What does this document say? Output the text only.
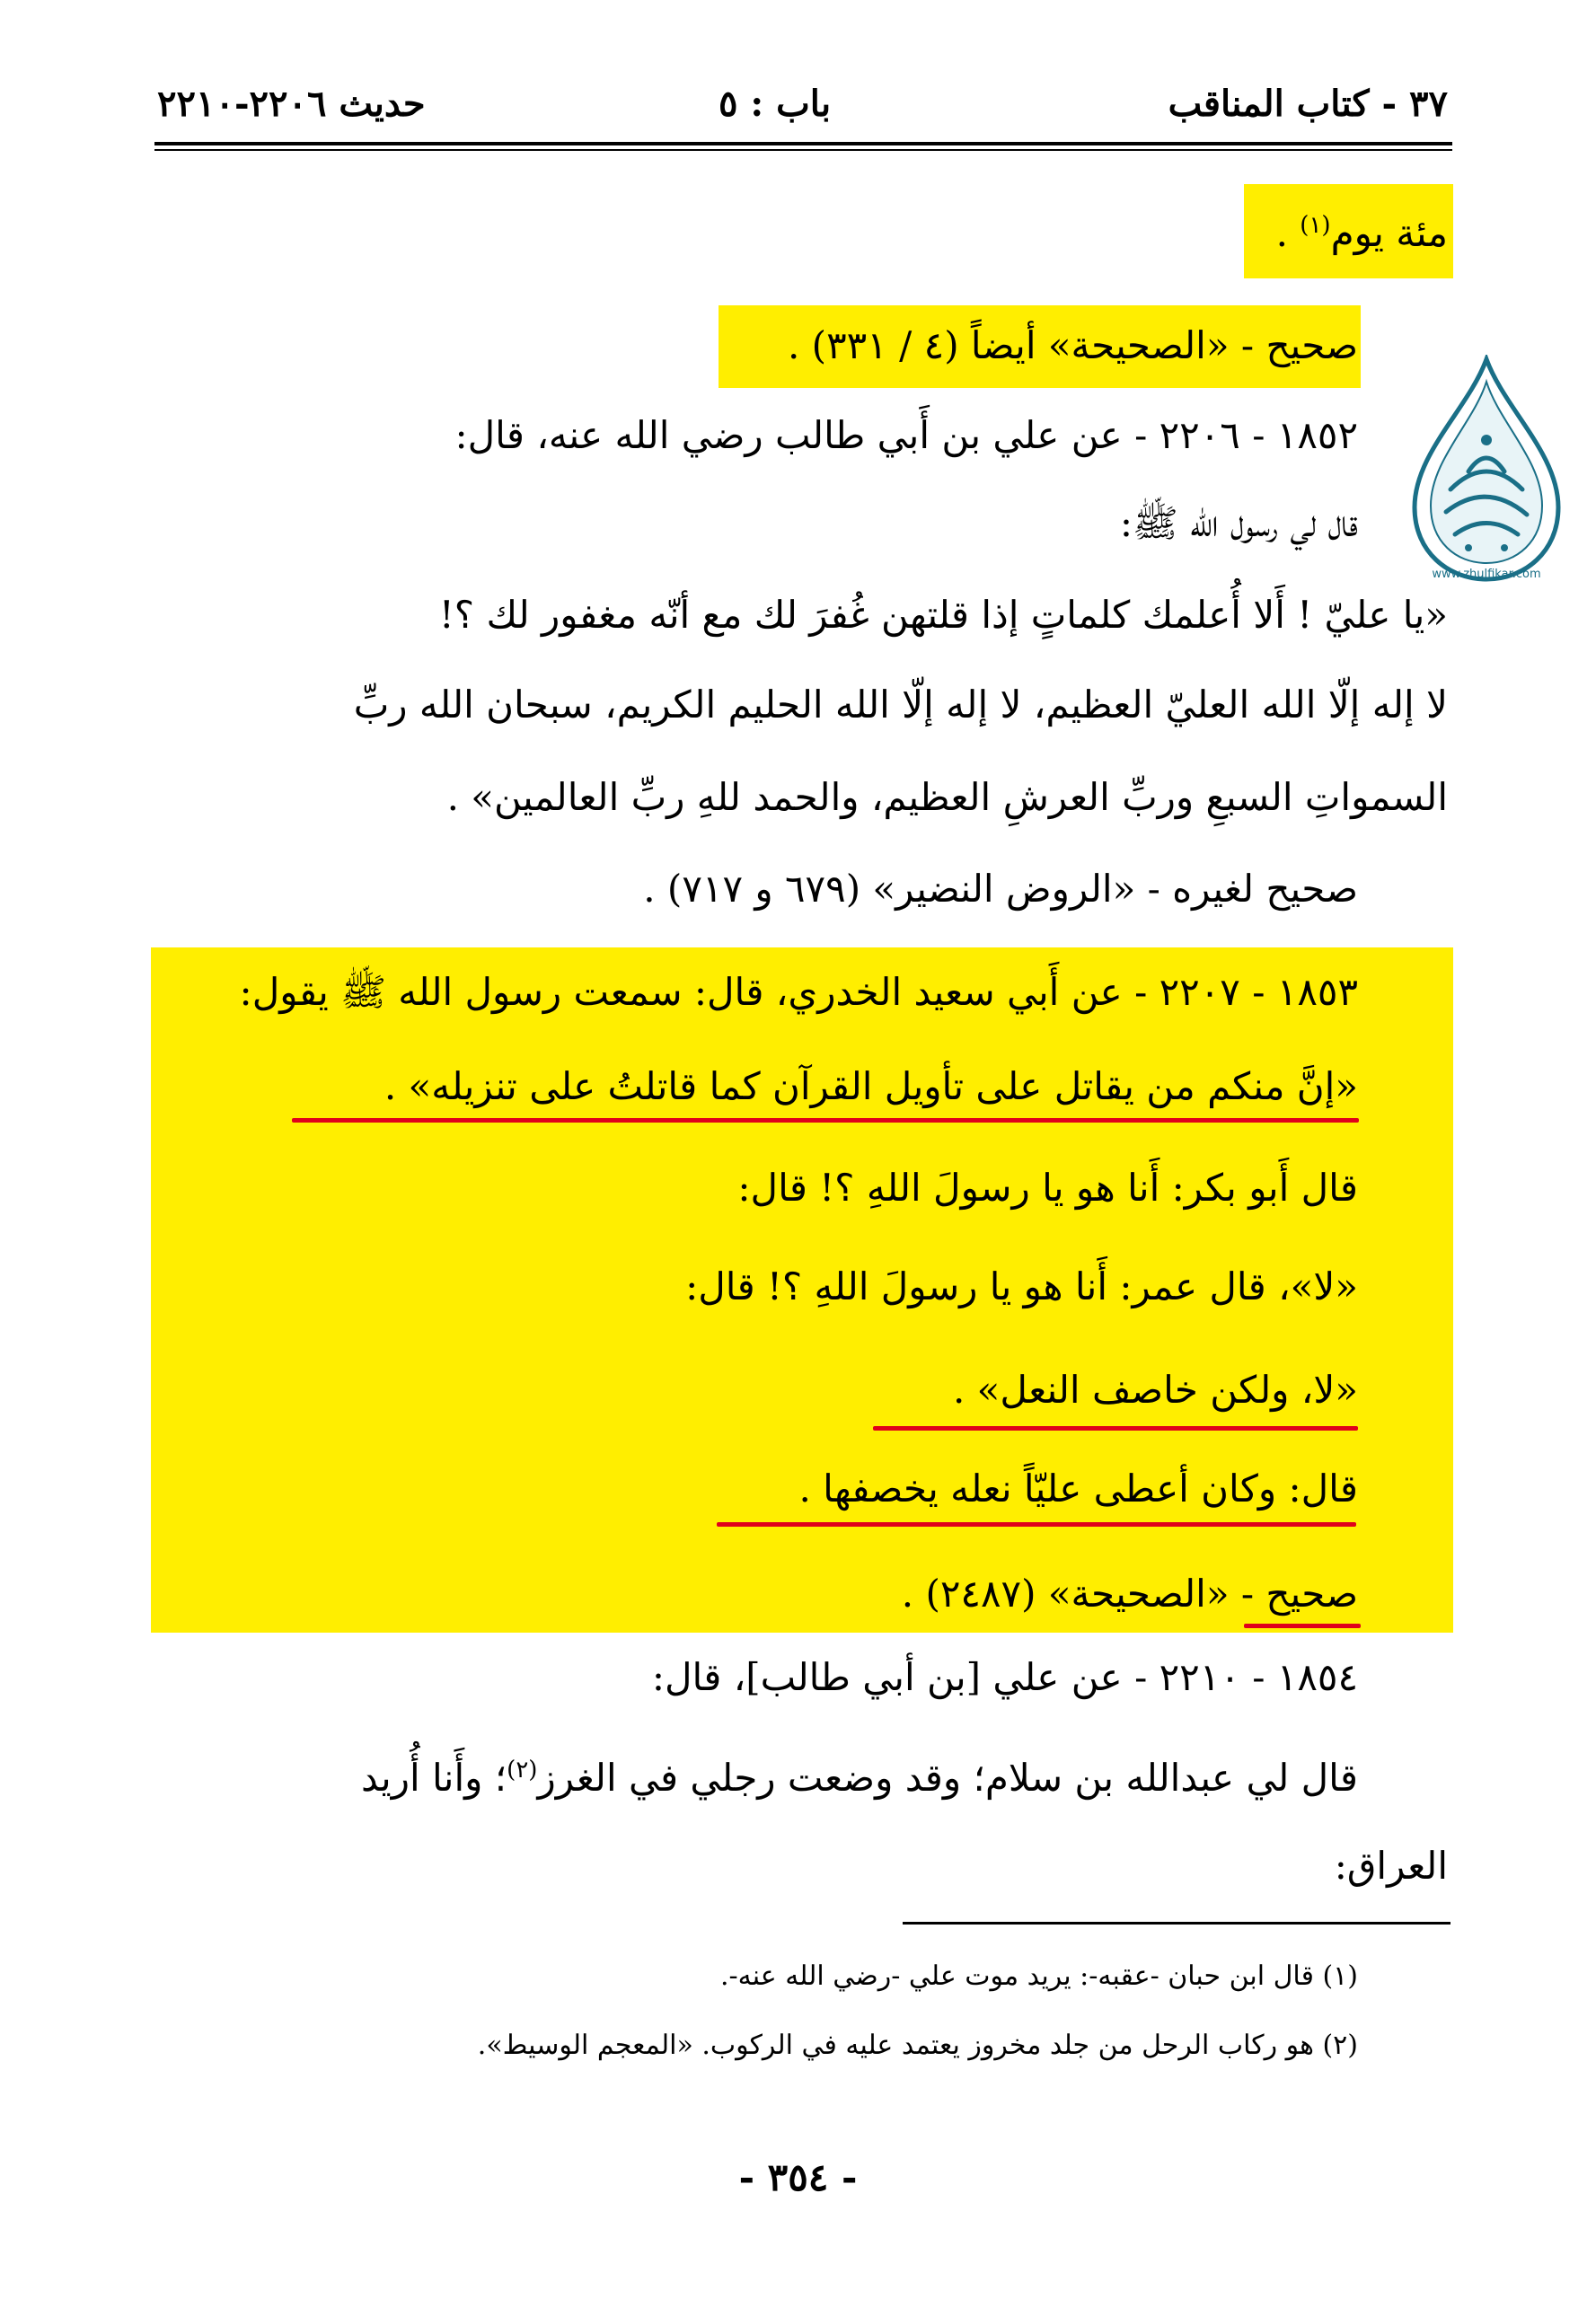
٣٧ - كتاب المناقب
باب : ٥
حديث ٢٢٠٦-٢٢١٠
مئة يوم$^{(١)}$ .
صحيح - «الصحيحة» أيضاً (٤ / ٣٣١) .
١٨٥٢ - ٢٢٠٦ - عن علي بن أَبي طالب رضي الله عنه، قال:
قال لي رسول الله ﷺ:
«يا عليّ ! أَلا أُعلمك كلماتٍ إذا قلتهن غُفرَ لك مع أنّه مغفور لك ؟!
لا إله إلّا الله العليّ العظيم، لا إله إلّا الله الحليم الكريم، سبحان الله ربِّ
السمواتِ السبعِ وربِّ العرشِ العظيم، والحمد للهِ ربِّ العالمين» .
صحيح لغيره - «الروض النضير» (٦٧٩ و ٧١٧) .
١٨٥٣ - ٢٢٠٧ - عن أَبي سعيد الخدري، قال: سمعت رسول الله ﷺ يقول:
«إنَّ منكم من يقاتل على تأويل القرآن كما قاتلتُ على تنزيله» .
قال أَبو بكر: أَنا هو يا رسولَ اللهِ ؟! قال:
«لا»، قال عمر: أَنا هو يا رسولَ اللهِ ؟! قال:
«لا، ولكن خاصف النعل» .
قال: وكان أعطى عليّاً نعله يخصفها .
صحيح - «الصحيحة» (٢٤٨٧) .
١٨٥٤ - ٢٢١٠ - عن علي [بن أبي طالب]، قال:
قال لي عبدالله بن سلام؛ وقد وضعت رجلي في الغرز$^{(٢)}$؛ وأَنا أُريد
العراق:
(١) قال ابن حبان -عقبه-: يريد موت علي -رضي الله عنه-.
(٢) هو ركاب الرحل من جلد مخروز يعتمد عليه في الركوب. «المعجم الوسيط».
- ٣٥٤ -
www.zhulfikar.com
